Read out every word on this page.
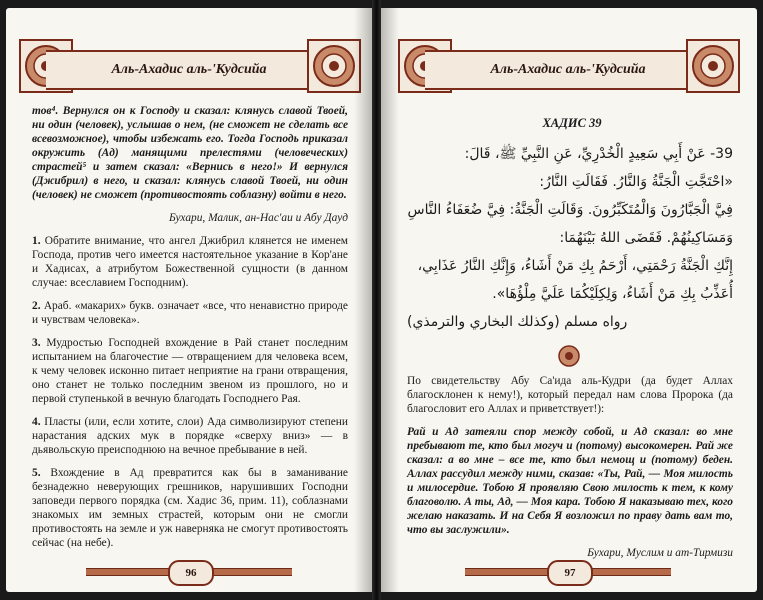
Аль-Ахадис аль-'Кудсийа

тов⁴. Вернулся он к Господу и сказал: клянусь славой Твоей, ни один (человек), услышав о нем, (не сможет не сделать все всевозможное), чтобы избежать его. Тогда Господь приказал окружить (Ад) манящими прелестями (человеческих) страстей⁵ и затем сказал: «Вернись в него!» И вернулся (Джибрил) в него, и сказал: клянусь славой Твоей, ни один (человек) не сможет (противостоять соблазну) войти в него.

Бухари, Малик, ан-Нас'аи и Абу Дауд

1. Обратите внимание, что ангел Джибрил клянется не именем Господа, против чего имеется настоятельное указание в Кор'ане и Хадисах, а атрибутом Божественной сущности (в данном случае: всеславием Господним).

2. Араб. «макарих» букв. означает «все, что ненавистно природе и чувствам человека».

3. Мудростью Господней вхождение в Рай станет последним испытанием на благочестие — отвращением для человека всем, к чему человек исконно питает неприятие на грани отвращения, оно станет не только последним звеном из прошлого, но и первой ступенькой в вечную благодать Господнего Рая.

4. Пласты (или, если хотите, слои) Ада символизируют степени нарастания адских мук в порядке «сверху вниз» — в дьявольскую преисподнюю на вечное пребывание в ней.

5. Вхождение в Ад превратится как бы в заманивание безнадежно неверующих грешников, нарушивших Господни заповеди первого порядка (см. Хадис 36, прим. 11), соблазнами знакомых им земных страстей, которым они не смогли противостоять на земле и уж наверняка не смогут противостоять сейчас (на небе).

96
Аль-Ахадис аль-'Кудсийа
ХАДИС 39
39- عَنْ أَبِي سَعِيدٍ الْخُدْرِيِّ، عَنِ النَّبِيِّ ﷺ، قَالَ:
«احْتَجَّتِ الْجَنَّةُ وَالنَّارُ. فَقَالَتِ النَّارُ:
فِيَّ الْجَبَّارُونَ وَالْمُتَكَبِّرُونَ. وَقَالَتِ الْجَنَّةُ: فِيَّ ضُعَفَاءُ النَّاسِ
وَمَسَاكِينُهُمْ. فَقَضَى اللهُ بَيْنَهُمَا:
إِنَّكِ الْجَنَّةُ رَحْمَتِي، أَرْحَمُ بِكِ مَنْ أَشَاءُ، وَإِنَّكِ النَّارُ عَذَابِي،
أُعَذِّبُ بِكِ مَنْ أَشَاءُ، وَلِكِلَيْكُمَا عَلَيَّ مِلْؤُهَا».
رواه مسلم (وكذلك البخاري والترمذي)

По свидетельству Абу Са'ида аль-Кудри (да будет Аллах благосклонен к нему!), который передал нам слова Пророка (да благословит его Аллах и приветствует!):

Рай и Ад затеяли спор между собой, и Ад сказал: во мне пребывают те, кто был могуч и (потому) высокомерен. Рай же сказал: а во мне – все те, кто был немощ и (потому) беден. Аллах рассудил между ними, сказав: «Ты, Рай, — Моя милость и милосердие. Тобою Я проявляю Свою милость к тем, к кому благоволю. А ты, Ад, — Моя кара. Тобою Я наказываю тех, кого желаю наказать. И на Себя Я возложил по праву дать вам то, что вы заслужили».

Бухари, Муслим и ат-Тирмизи

97
